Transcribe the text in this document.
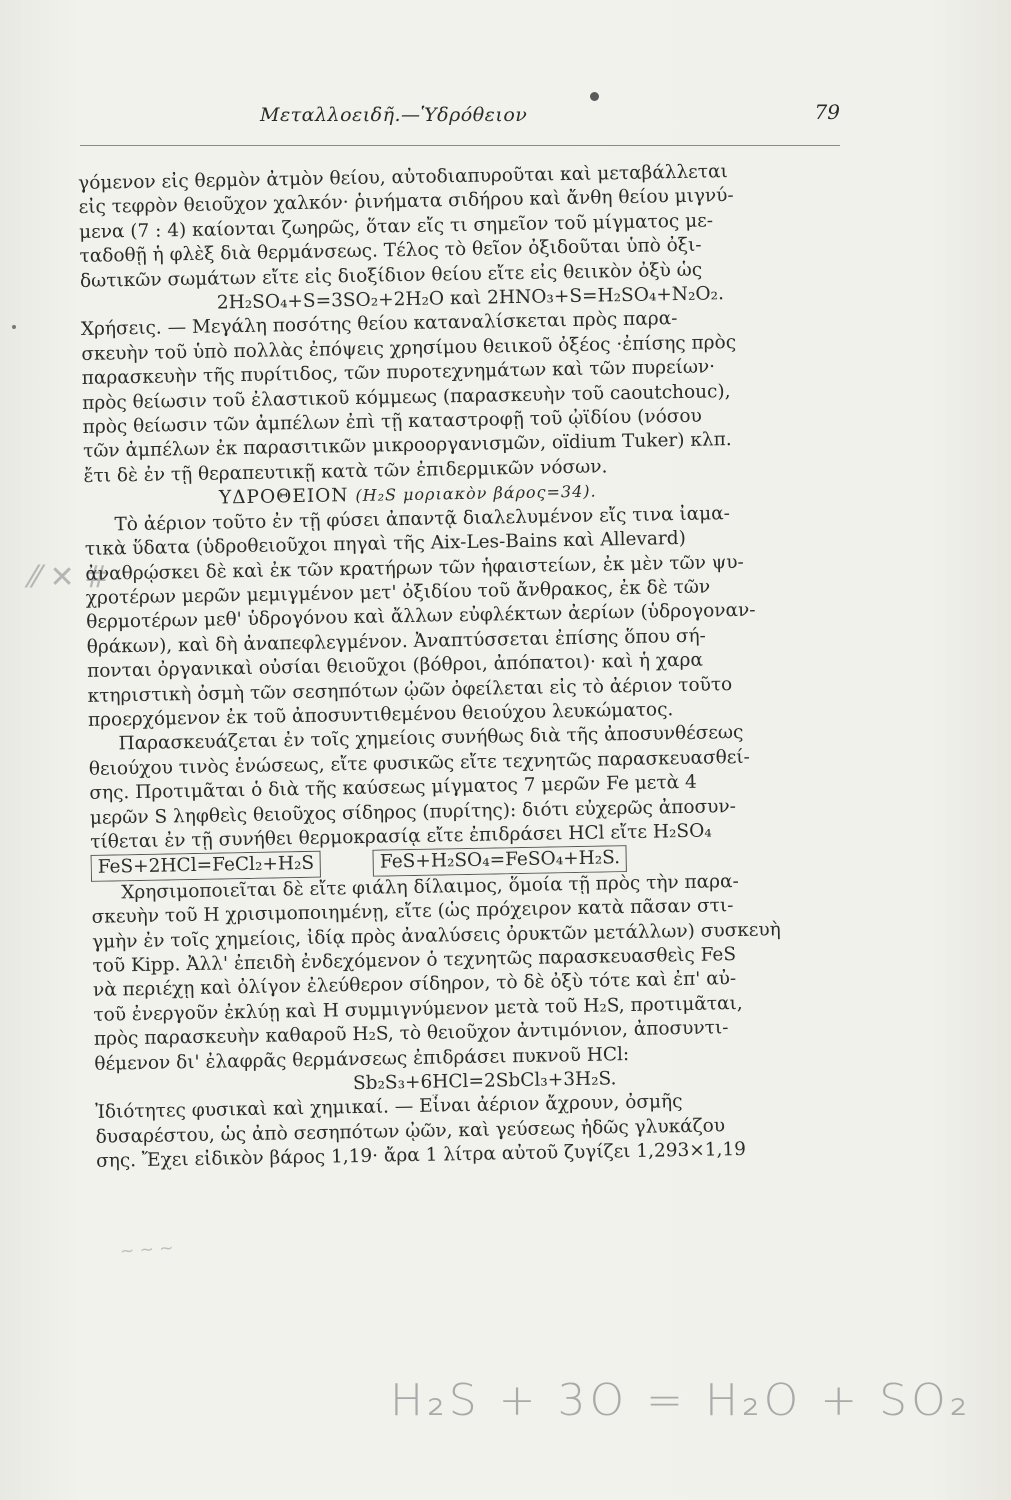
Μεταλλοειδῆ.—Ὑδρόθειον	79
⁄⁄ ✕ #
γόμενον εἰς θερμὸν ἀτμὸν θείου, αὐτοδιαπυροῦται καὶ μεταβάλλεται
εἰς τεφρὸν θειοῦχον χαλκόν· ῥινήματα σιδήρου καὶ ἄνθη θείου μιγνύ-
μενα (7 : 4) καίονται ζωηρῶς, ὅταν εἴς τι σημεῖον τοῦ μίγματος με-
ταδοθῇ ἡ φλὲξ διὰ θερμάνσεως. Τέλος τὸ θεῖον ὀξιδοῦται ὑπὸ ὀξι-
δωτικῶν σωμάτων εἴτε εἰς διοξίδιον θείου εἴτε εἰς θειικὸν ὀξὺ ὡς
2H₂SO₄+S=3SO₂+2H₂O καὶ 2HNO₃+S=H₂SO₄+N₂O₂.
Χρήσεις. — Μεγάλη ποσότης θείου καταναλίσκεται πρὸς παρα-
σκευὴν τοῦ ὑπὸ πολλὰς ἐπόψεις χρησίμου θειικοῦ ὀξέος ·ἐπίσης πρὸς
παρασκευὴν τῆς πυρίτιδος, τῶν πυροτεχνημάτων καὶ τῶν πυρείων·
πρὸς θείωσιν τοῦ ἐλαστικοῦ κόμμεως (παρασκευὴν τοῦ caoutchouc),
πρὸς θείωσιν τῶν ἀμπέλων ἐπὶ τῇ καταστροφῇ τοῦ ᾠϊδίου (νόσου
τῶν ἀμπέλων ἐκ παρασιτικῶν μικροοργανισμῶν, oïdium Tuker) κλπ.
ἔτι δὲ ἐν τῇ θεραπευτικῇ κατὰ τῶν ἐπιδερμικῶν νόσων.
ΥΔΡΟΘΕΙΟΝ (H₂S μοριακὸν βάρος=34).
Τὸ ἀέριον τοῦτο ἐν τῇ φύσει ἀπαντᾷ διαλελυμένον εἴς τινα ἰαμα-
τικὰ ὕδατα (ὑδροθειοῦχοι πηγαὶ τῆς Aix-Les-Bains καὶ Allevard)
ἀναθρῴσκει δὲ καὶ ἐκ τῶν κρατήρων τῶν ἡφαιστείων, ἐκ μὲν τῶν ψυ-
χροτέρων μερῶν μεμιγμένον μετ' ὀξιδίου τοῦ ἄνθρακος, ἐκ δὲ τῶν
θερμοτέρων μεθ' ὑδρογόνου καὶ ἄλλων εὐφλέκτων ἀερίων (ὑδρογοναν-
θράκων), καὶ δὴ ἀναπεφλεγμένον. Ἀναπτύσσεται ἐπίσης ὅπου σή-
πονται ὀργανικαὶ οὐσίαι θειοῦχοι (βόθροι, ἀπόπατοι)· καὶ ἡ χαρα
κτηριστικὴ ὀσμὴ τῶν σεσηπότων ᾠῶν ὀφείλεται εἰς τὸ ἀέριον τοῦτο
προερχόμενον ἐκ τοῦ ἀποσυντιθεμένου θειούχου λευκώματος.
Παρασκευάζεται ἐν τοῖς χημείοις συνήθως διὰ τῆς ἀποσυνθέσεως
θειούχου τινὸς ἑνώσεως, εἴτε φυσικῶς εἴτε τεχνητῶς παρασκευασθεί-
σης. Προτιμᾶται ὁ διὰ τῆς καύσεως μίγματος 7 μερῶν Fe μετὰ 4
μερῶν S ληφθεὶς θειοῦχος σίδηρος (πυρίτης): διότι εὐχερῶς ἀποσυν-
τίθεται ἐν τῇ συνήθει θερμοκρασίᾳ εἴτε ἐπιδράσει HCl εἴτε H₂SO₄
FeS+2HCl=FeCl₂+H₂S	FeS+H₂SO₄=FeSO₄+H₂S.
Χρησιμοποιεῖται δὲ εἴτε φιάλη δίλαιμος, ὅμοία τῇ πρὸς τὴν παρα-
σκευὴν τοῦ H χρισιμοποιημένῃ, εἴτε (ὡς πρόχειρον κατὰ πᾶσαν στι-
γμὴν ἐν τοῖς χημείοις, ἰδίᾳ πρὸς ἀναλύσεις ὀρυκτῶν μετάλλων) συσκευὴ
τοῦ Kipp. Ἀλλ' ἐπειδὴ ἐνδεχόμενον ὁ τεχνητῶς παρασκευασθεὶς FeS
νὰ περιέχῃ καὶ ὀλίγον ἐλεύθερον σίδηρον, τὸ δὲ ὀξὺ τότε καὶ ἐπ' αὐ-
τοῦ ἐνεργοῦν ἐκλύῃ καὶ H συμμιγνύμενον μετὰ τοῦ H₂S, προτιμᾶται,
πρὸς παρασκευὴν καθαροῦ H₂S, τὸ θειοῦχον ἀντιμόνιον, ἀποσυντι-
θέμενον δι' ἐλαφρᾶς θερμάνσεως ἐπιδράσει πυκνοῦ HCl:
Sb₂S₃+6HCl=2SbCl₃+3H₂S.
Ἰδιότητες φυσικαὶ καὶ χημικαί. — Εἶναι ἀέριον ἄχρουν, ὀσμῆς
δυσαρέστου, ὡς ἀπὸ σεσηπότων ᾠῶν, καὶ γεύσεως ἠδῶς γλυκάζου
σης. Ἔχει εἰδικὸν βάρος 1,19· ἄρα 1 λίτρα αὐτοῦ ζυγίζει 1,293×1,19
~ ~ ~
H₂S + 3O = H₂O + SO₂
